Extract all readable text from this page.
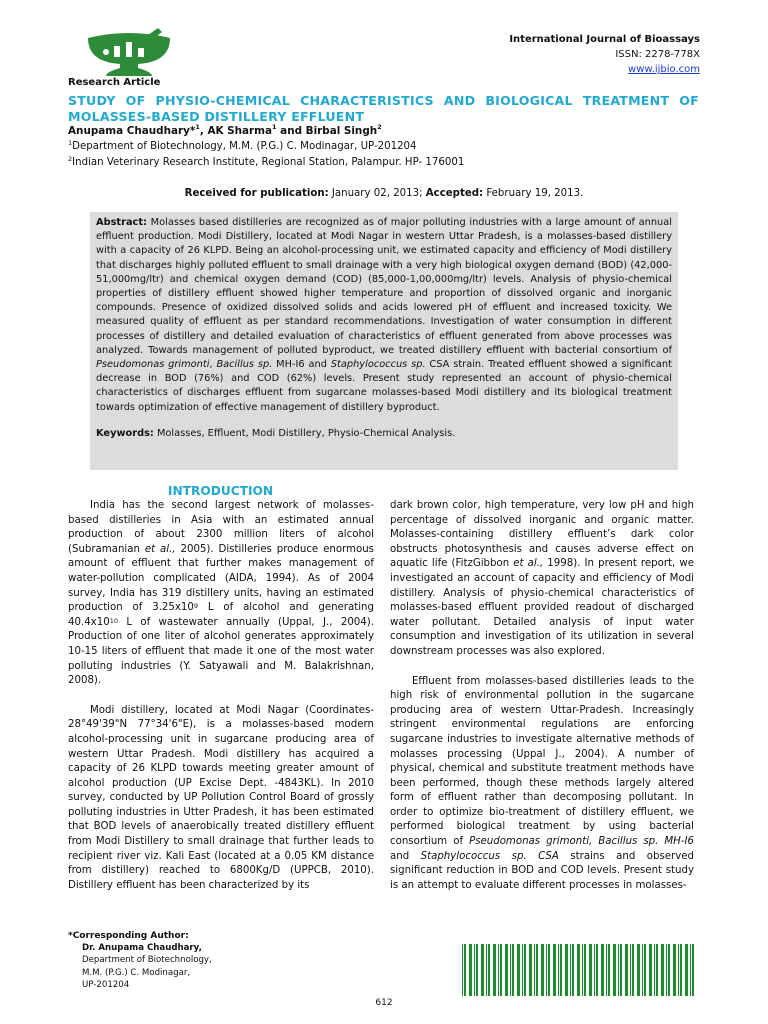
International Journal of Bioassays
ISSN: 2278-778X
www.ijbio.com
Research Article
STUDY OF PHYSIO-CHEMICAL CHARACTERISTICS AND BIOLOGICAL TREATMENT OF MOLASSES-BASED DISTILLERY EFFLUENT
Anupama Chaudhary*$^1$, AK Sharma$^1$ and Birbal Singh$^2$
$^1$Department of Biotechnology, M.M. (P.G.) C. Modinagar, UP-201204
$^2$Indian Veterinary Research Institute, Regional Station, Palampur. HP- 176001
Received for publication: January 02, 2013; Accepted: February 19, 2013.

Abstract: Molasses based distilleries are recognized as of major polluting industries with a large amount of annual effluent production. Modi Distillery, located at Modi Nagar in western Uttar Pradesh, is a molasses-based distillery with a capacity of 26 KLPD. Being an alcohol-processing unit, we estimated capacity and efficiency of Modi distillery that discharges highly polluted effluent to small drainage with a very high biological oxygen demand (BOD) (42,000-51,000mg/ltr) and chemical oxygen demand (COD) (85,000-1,00,000mg/ltr) levels. Analysis of physio-chemical properties of distillery effluent showed higher temperature and proportion of dissolved organic and inorganic compounds. Presence of oxidized dissolved solids and acids lowered pH of effluent and increased toxicity. We measured quality of effluent as per standard recommendations. Investigation of water consumption in different processes of distillery and detailed evaluation of characteristics of effluent generated from above processes was analyzed. Towards management of polluted byproduct, we treated distillery effluent with bacterial consortium of Pseudomonas grimonti, Bacillus sp. MH-I6 and Staphylococcus sp. CSA strain. Treated effluent showed a significant decrease in BOD (76%) and COD (62%) levels. Present study represented an account of physio-chemical characteristics of discharges effluent from sugarcane molasses-based Modi distillery and its biological treatment towards optimization of effective management of distillery byproduct.

Keywords: Molasses, Effluent, Modi Distillery, Physio-Chemical Analysis.
INTRODUCTION

India has the second largest network of molasses-based distilleries in Asia with an estimated annual production of about 2300 million liters of alcohol (Subramanian et al., 2005). Distilleries produce enormous amount of effluent that further makes management of water-pollution complicated (AIDA, 1994). As of 2004 survey, India has 319 distillery units, having an estimated production of $3.25x10^9$ L of alcohol and generating $40.4x10^{10}$ L of wastewater annually (Uppal, J., 2004). Production of one liter of alcohol generates approximately 10-15 liters of effluent that made it one of the most water polluting industries (Y. Satyawali and M. Balakrishnan, 2008).

Modi distillery, located at Modi Nagar (Coordinates-28°49'39"N 77°34'6"E), is a molasses-based modern alcohol-processing unit in sugarcane producing area of western Uttar Pradesh. Modi distillery has acquired a capacity of 26 KLPD towards meeting greater amount of alcohol production (UP Excise Dept. -4843KL). In 2010 survey, conducted by UP Pollution Control Board of grossly polluting industries in Utter Pradesh, it has been estimated that BOD levels of anaerobically treated distillery effluent from Modi Distillery to small drainage that further leads to recipient river viz. Kali East (located at a 0.05 KM distance from distillery) reached to 6800Kg/D (UPPCB, 2010). Distillery effluent has been characterized by its

dark brown color, high temperature, very low pH and high percentage of dissolved inorganic and organic matter. Molasses-containing distillery effluent’s dark color obstructs photosynthesis and causes adverse effect on aquatic life (FitzGibbon et al., 1998). In present report, we investigated an account of capacity and efficiency of Modi distillery. Analysis of physio-chemical characteristics of molasses-based effluent provided readout of discharged water pollutant. Detailed analysis of input water consumption and investigation of its utilization in several downstream processes was also explored.

Effluent from molasses-based distilleries leads to the high risk of environmental pollution in the sugarcane producing area of western Uttar-Pradesh. Increasingly stringent environmental regulations are enforcing sugarcane industries to investigate alternative methods of molasses processing (Uppal J., 2004). A number of physical, chemical and substitute treatment methods have been performed, though these methods largely altered form of effluent rather than decomposing pollutant. In order to optimize bio-treatment of distillery effluent, we performed biological treatment by using bacterial consortium of Pseudomonas grimonti, Bacillus sp. MH-I6 and Staphylococcus sp. CSA strains and observed significant reduction in BOD and COD levels. Present study is an attempt to evaluate different processes in molasses-

*Corresponding Author:
Dr. Anupama Chaudhary,
Department of Biotechnology,
M.M. (P.G.) C. Modinagar,
UP-201204
612
